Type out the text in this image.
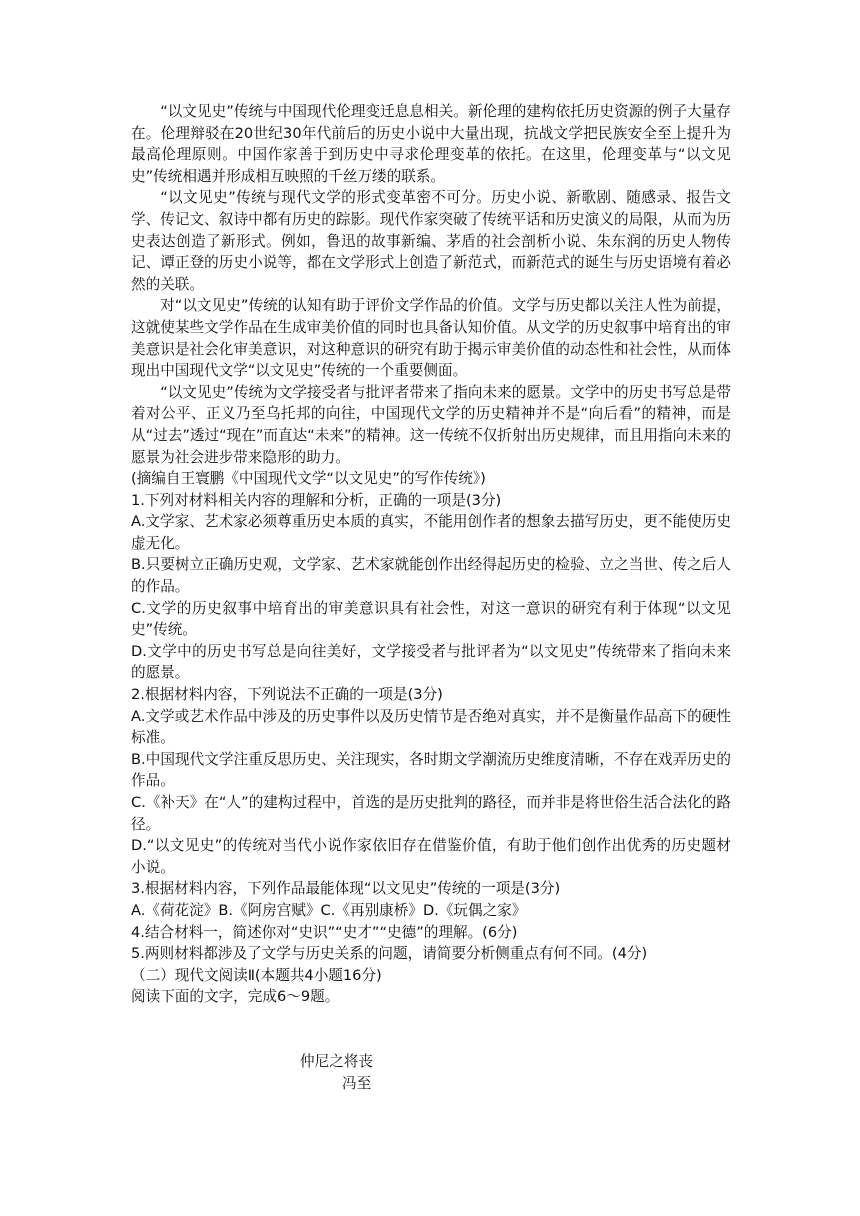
“以文见史”传统与中国现代伦理变迁息息相关。新伦理的建构依托历史资源的例子大量存在。伦理辩驳在20世纪30年代前后的历史小说中大量出现，抗战文学把民族安全至上提升为最高伦理原则。中国作家善于到历史中寻求伦理变革的依托。在这里，伦理变革与“以文见史”传统相遇并形成相互映照的千丝万缕的联系。

“以文见史”传统与现代文学的形式变革密不可分。历史小说、新歌剧、随感录、报告文学、传记文、叙诗中都有历史的踪影。现代作家突破了传统平话和历史演义的局限，从而为历史表达创造了新形式。例如，鲁迅的故事新编、茅盾的社会剖析小说、朱东润的历史人物传记、谭正登的历史小说等，都在文学形式上创造了新范式，而新范式的诞生与历史语境有着必然的关联。

对“以文见史”传统的认知有助于评价文学作品的价值。文学与历史都以关注人性为前提，这就使某些文学作品在生成审美价值的同时也具备认知价值。从文学的历史叙事中培育出的审美意识是社会化审美意识，对这种意识的研究有助于揭示审美价值的动态性和社会性，从而体现出中国现代文学“以文见史”传统的一个重要侧面。

“以文见史”传统为文学接受者与批评者带来了指向未来的愿景。文学中的历史书写总是带着对公平、正义乃至乌托邦的向往，中国现代文学的历史精神并不是“向后看”的精神，而是从“过去”透过“现在”而直达“未来”的精神。这一传统不仅折射出历史规律，而且用指向未来的愿景为社会进步带来隐形的助力。

(摘编自王寰鹏《中国现代文学“以文见史”的写作传统》)

1.下列对材料相关内容的理解和分析，正确的一项是(3分)

A.文学家、艺术家必须尊重历史本质的真实，不能用创作者的想象去描写历史，更不能使历史虚无化。

B.只要树立正确历史观，文学家、艺术家就能创作出经得起历史的检验、立之当世、传之后人的作品。

C.文学的历史叙事中培育出的审美意识具有社会性，对这一意识的研究有利于体现“以文见史”传统。

D.文学中的历史书写总是向往美好，文学接受者与批评者为“以文见史”传统带来了指向未来的愿景。

2.根据材料内容，下列说法不正确的一项是(3分)

A.文学或艺术作品中涉及的历史事件以及历史情节是否绝对真实，并不是衡量作品高下的硬性标准。

B.中国现代文学注重反思历史、关注现实，各时期文学潮流历史维度清晰，不存在戏弄历史的作品。

C.《补天》在“人”的建构过程中，首选的是历史批判的路径，而并非是将世俗生活合法化的路径。

D.“以文见史”的传统对当代小说作家依旧存在借鉴价值，有助于他们创作出优秀的历史题材小说。

3.根据材料内容，下列作品最能体现“以文见史”传统的一项是(3分)

A.《荷花淀》B.《阿房宫赋》C.《再别康桥》D.《玩偶之家》

4.结合材料一，简述你对“史识”“史才”“史德”的理解。(6分)

5.两则材料都涉及了文学与历史关系的问题，请简要分析侧重点有何不同。(4分)

（二）现代文阅读Ⅱ(本题共4小题16分)

阅读下面的文字，完成6～9题。

仲尼之将丧

冯至
